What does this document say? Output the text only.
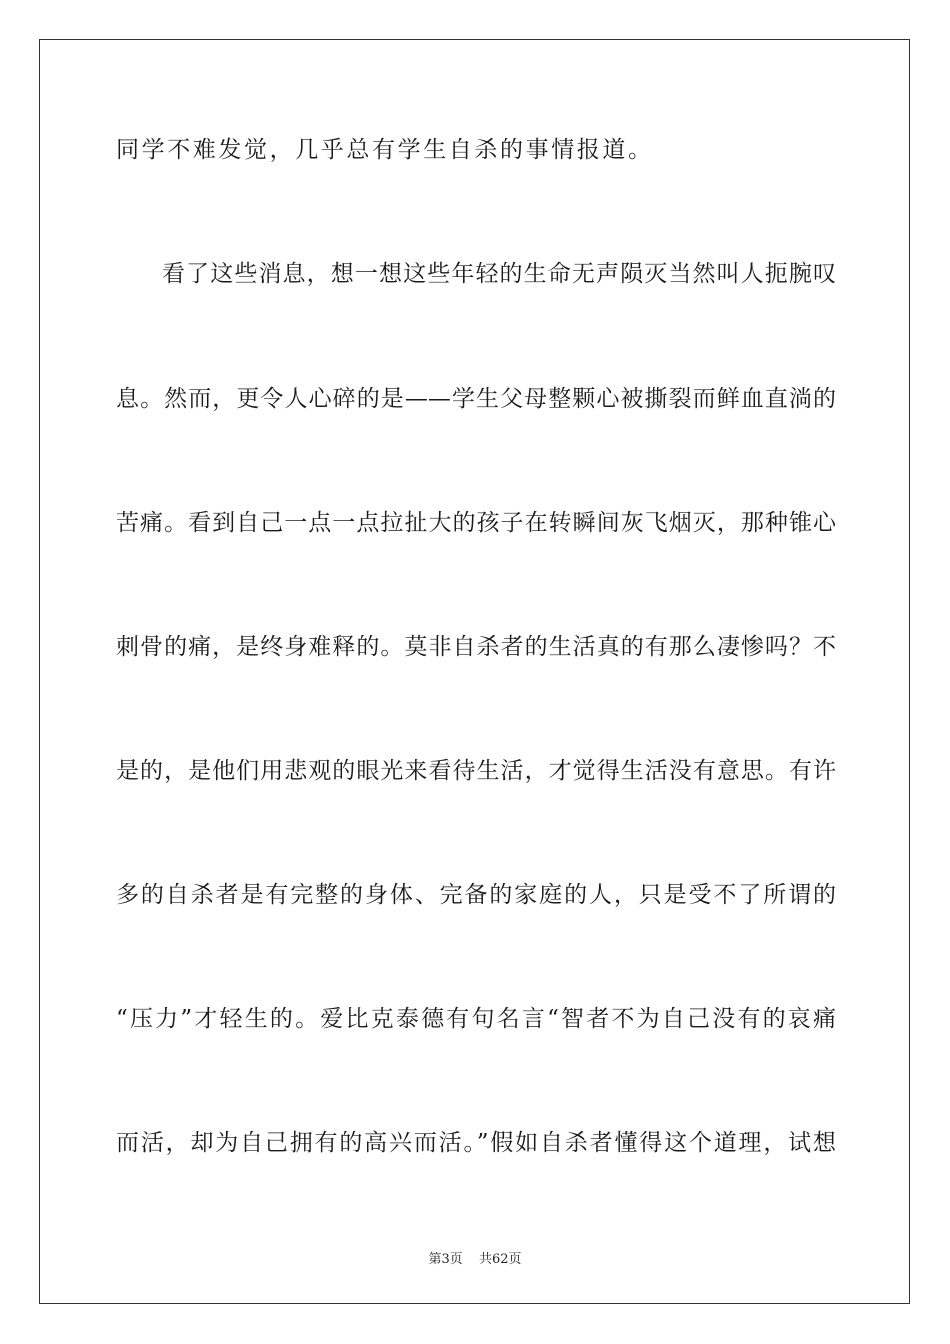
同学不难发觉，几乎总有学生自杀的事情报道。
看了这些消息，想一想这些年轻的生命无声陨灭当然叫人扼腕叹
息。然而，更令人心碎的是——学生父母整颗心被撕裂而鲜血直淌的
苦痛。看到自己一点一点拉扯大的孩子在转瞬间灰飞烟灭，那种锥心
刺骨的痛，是终身难释的。莫非自杀者的生活真的有那么凄惨吗？不
是的，是他们用悲观的眼光来看待生活，才觉得生活没有意思。有许
多的自杀者是有完整的身体、完备的家庭的人，只是受不了所谓的
“压力”才轻生的。爱比克泰德有句名言“智者不为自己没有的哀痛
而活，却为自己拥有的高兴而活。”假如自杀者懂得这个道理，试想
第3页 共62页
